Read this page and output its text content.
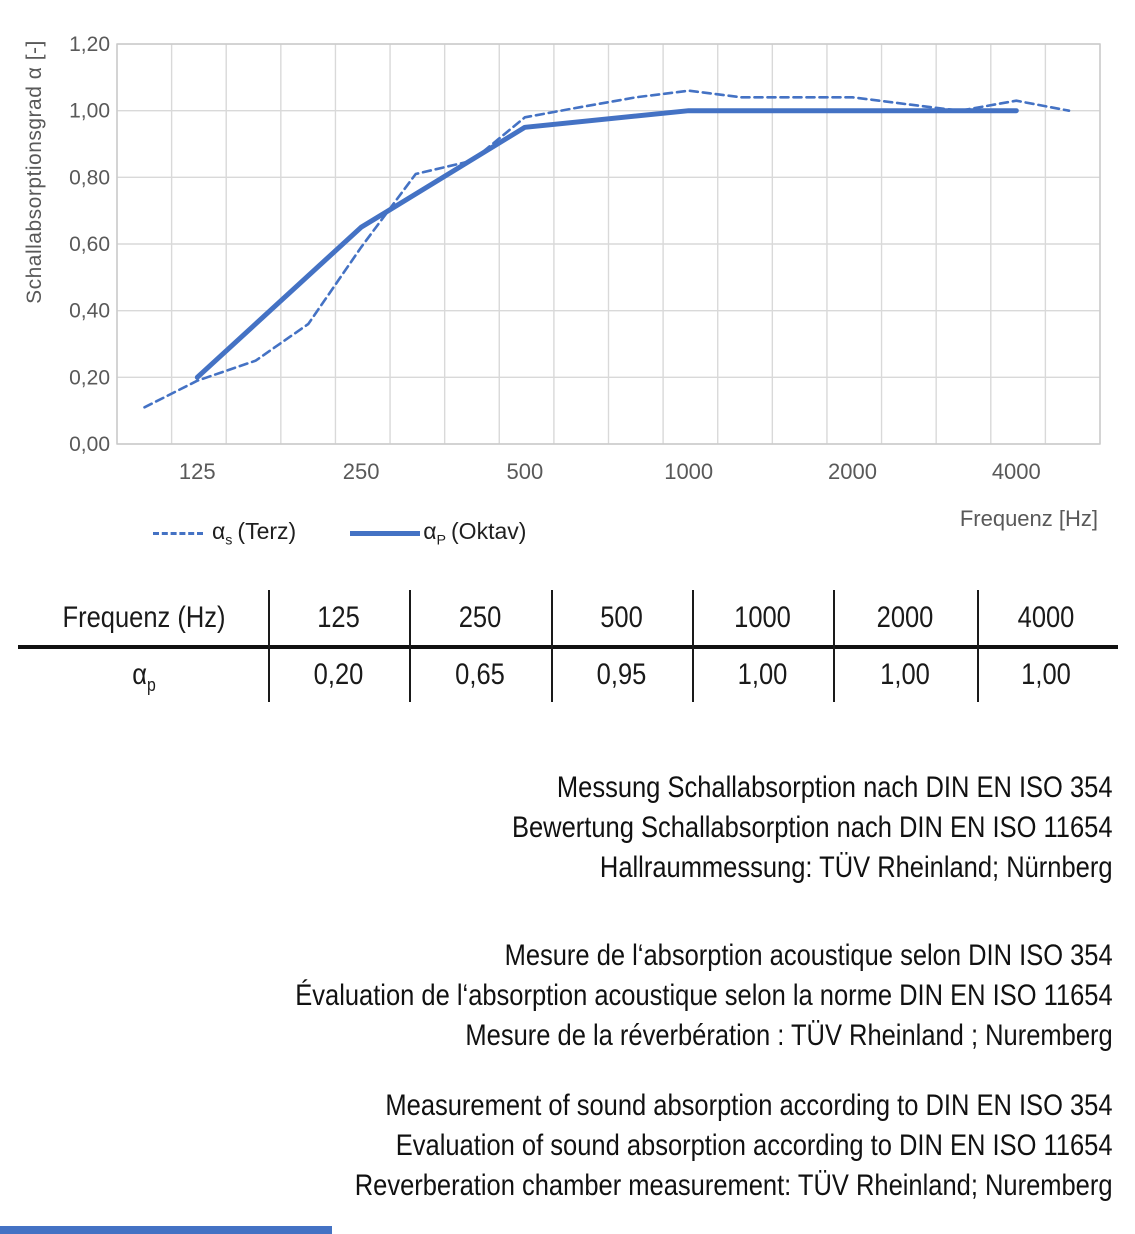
0,00
0,20
0,40
0,60
0,80
1,00
1,20
125	250	500	1000	2000	4000
Schallabsorptionsgrad α [-]
Frequenz [Hz]
$\alpha_s$ (Terz)	$\alpha_P$ (Oktav)
Frequenz (Hz)	125	250	500	1000	2000	4000
$\alpha_p$	0,20	0,65	0,95	1,00	1,00	1,00
Messung Schallabsorption nach DIN EN ISO 354
Bewertung Schallabsorption nach DIN EN ISO 11654
Hallraummessung: TÜV Rheinland; Nürnberg
Mesure de l‘absorption acoustique selon DIN ISO 354
Évaluation de l‘absorption acoustique selon la norme DIN EN ISO 11654
Mesure de la réverbération : TÜV Rheinland ; Nuremberg
Measurement of sound absorption according to DIN EN ISO 354
Evaluation of sound absorption according to DIN EN ISO 11654
Reverberation chamber measurement: TÜV Rheinland; Nuremberg
